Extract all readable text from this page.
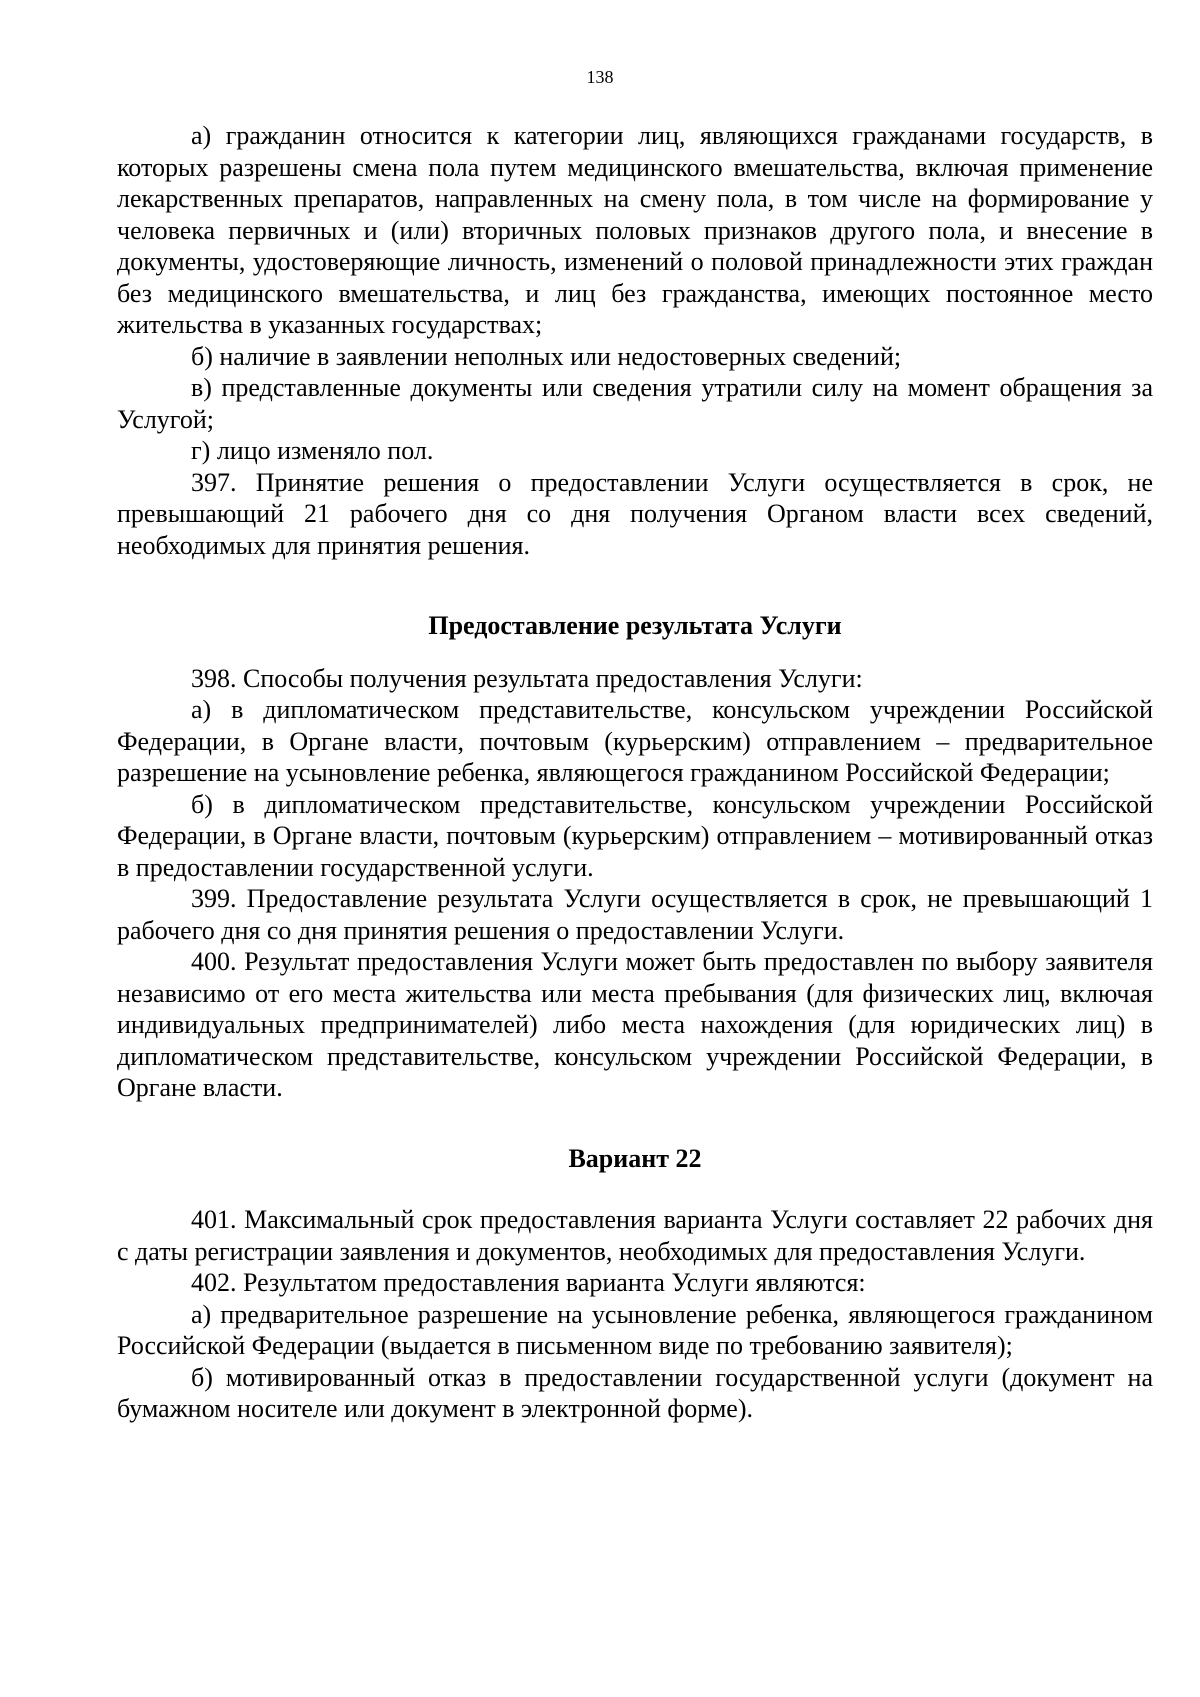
138

а) гражданин относится к категории лиц, являющихся гражданами государств, в которых разрешены смена пола путем медицинского вмешательства, включая применение лекарственных препаратов, направленных на смену пола, в том числе на формирование у человека первичных и (или) вторичных половых признаков другого пола, и внесение в документы, удостоверяющие личность, изменений о половой принадлежности этих граждан без медицинского вмешательства, и лиц без гражданства, имеющих постоянное место жительства в указанных государствах;

б) наличие в заявлении неполных или недостоверных сведений;

в) представленные документы или сведения утратили силу на момент обращения за Услугой;

г) лицо изменяло пол.

397. Принятие решения о предоставлении Услуги осуществляется в срок, не превышающий 21 рабочего дня со дня получения Органом власти всех сведений, необходимых для принятия решения.

Предоставление результата Услуги

398. Способы получения результата предоставления Услуги:

а) в дипломатическом представительстве, консульском учреждении Российской Федерации, в Органе власти, почтовым (курьерским) отправлением – предварительное разрешение на усыновление ребенка, являющегося гражданином Российской Федерации;

б) в дипломатическом представительстве, консульском учреждении Российской Федерации, в Органе власти, почтовым (курьерским) отправлением – мотивированный отказ в предоставлении государственной услуги.

399. Предоставление результата Услуги осуществляется в срок, не превышающий 1 рабочего дня со дня принятия решения о предоставлении Услуги.

400. Результат предоставления Услуги может быть предоставлен по выбору заявителя независимо от его места жительства или места пребывания (для физических лиц, включая индивидуальных предпринимателей) либо места нахождения (для юридических лиц) в дипломатическом представительстве, консульском учреждении Российской Федерации, в Органе власти.

Вариант 22

401. Максимальный срок предоставления варианта Услуги составляет 22 рабочих дня с даты регистрации заявления и документов, необходимых для предоставления Услуги.

402. Результатом предоставления варианта Услуги являются:

а) предварительное разрешение на усыновление ребенка, являющегося гражданином Российской Федерации (выдается в письменном виде по требованию заявителя);

б) мотивированный отказ в предоставлении государственной услуги (документ на бумажном носителе или документ в электронной форме).
